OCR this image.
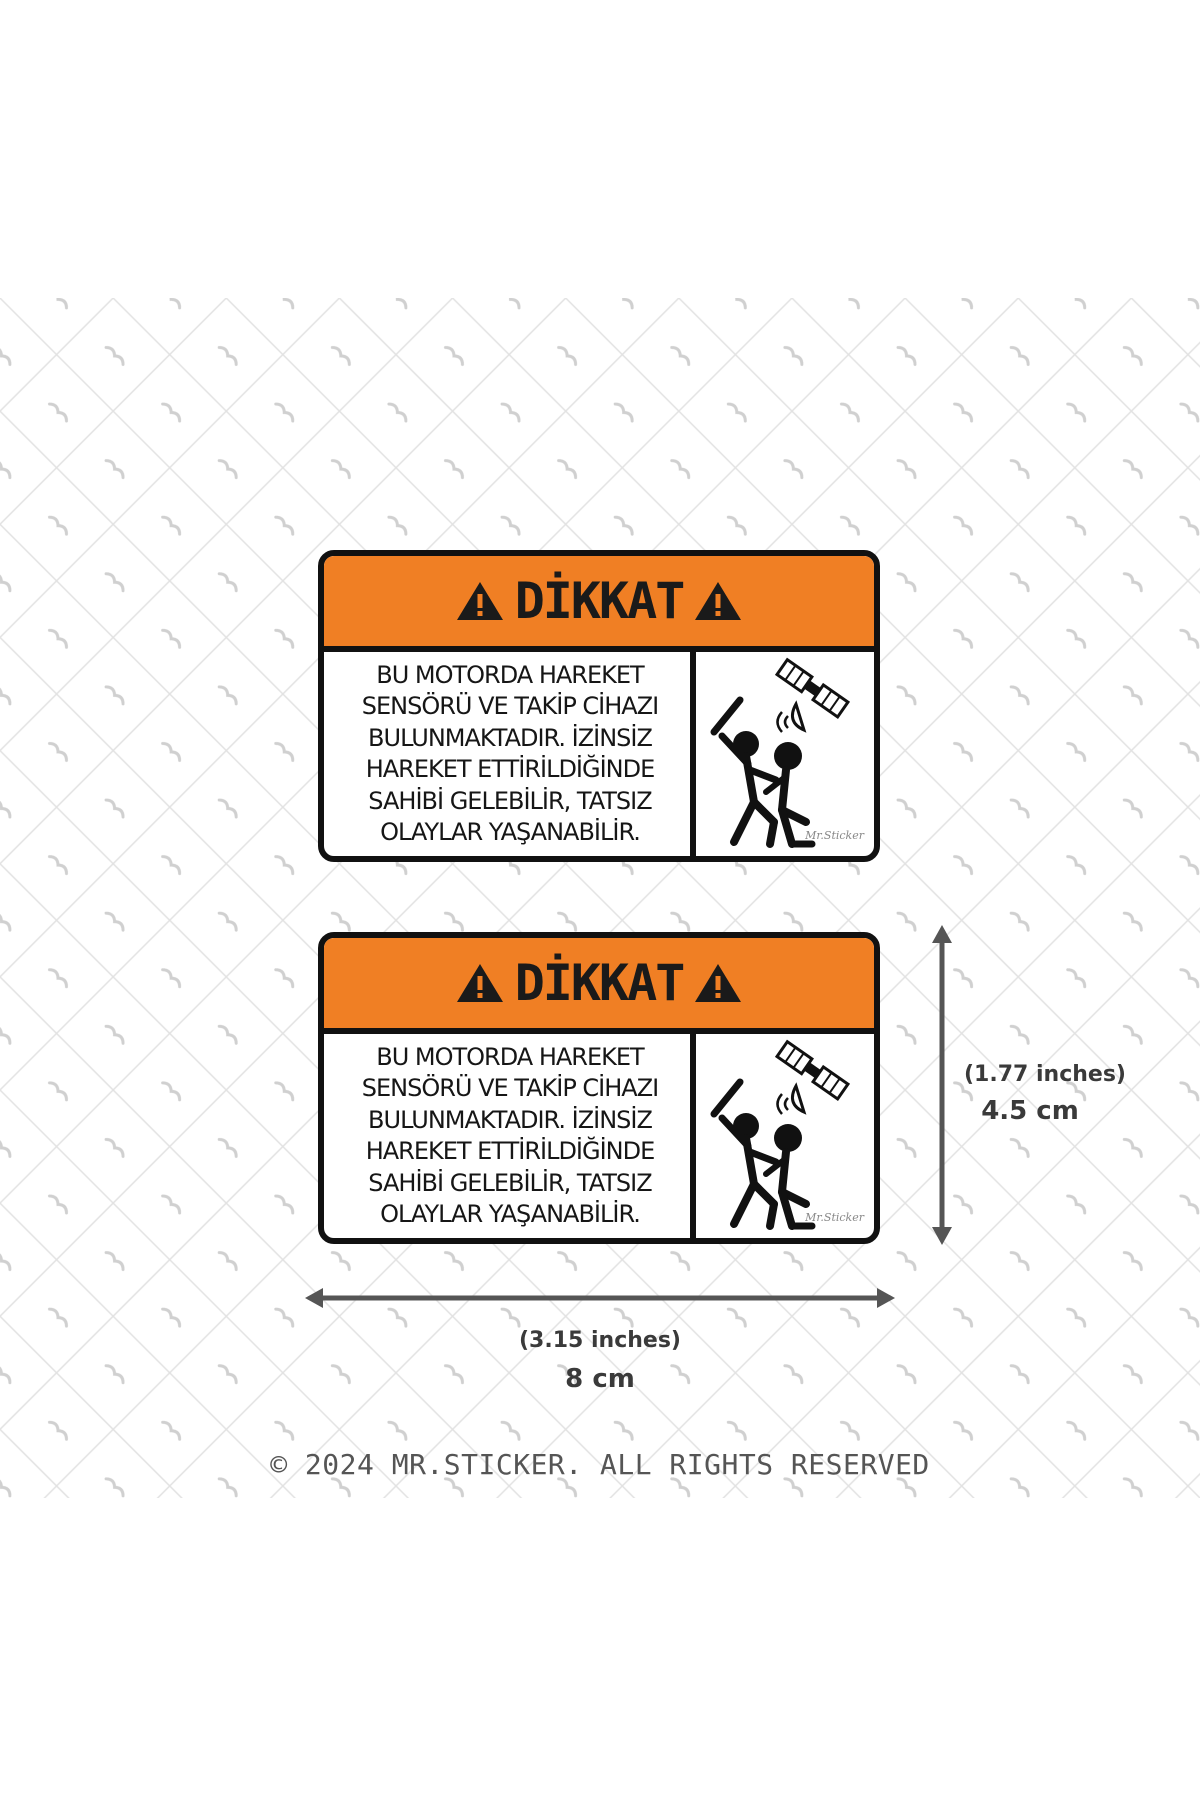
DİKKAT
BU MOTORDA HAREKET
SENSÖRÜ VE TAKİP CİHAZI
BULUNMAKTADIR. İZİNSİZ
HAREKET ETTİRİLDİĞİNDE
SAHİBİ GELEBİLİR, TATSIZ
OLAYLAR YAŞANABİLİR.	Mr.Sticker
DİKKAT
BU MOTORDA HAREKET
SENSÖRÜ VE TAKİP CİHAZI
BULUNMAKTADIR. İZİNSİZ
HAREKET ETTİRİLDİĞİNDE
SAHİBİ GELEBİLİR, TATSIZ
OLAYLAR YAŞANABİLİR.	Mr.Sticker
(1.77 inches)
4.5 cm
(3.15 inches)
8 cm
© 2024 MR.STICKER. ALL RIGHTS RESERVED
